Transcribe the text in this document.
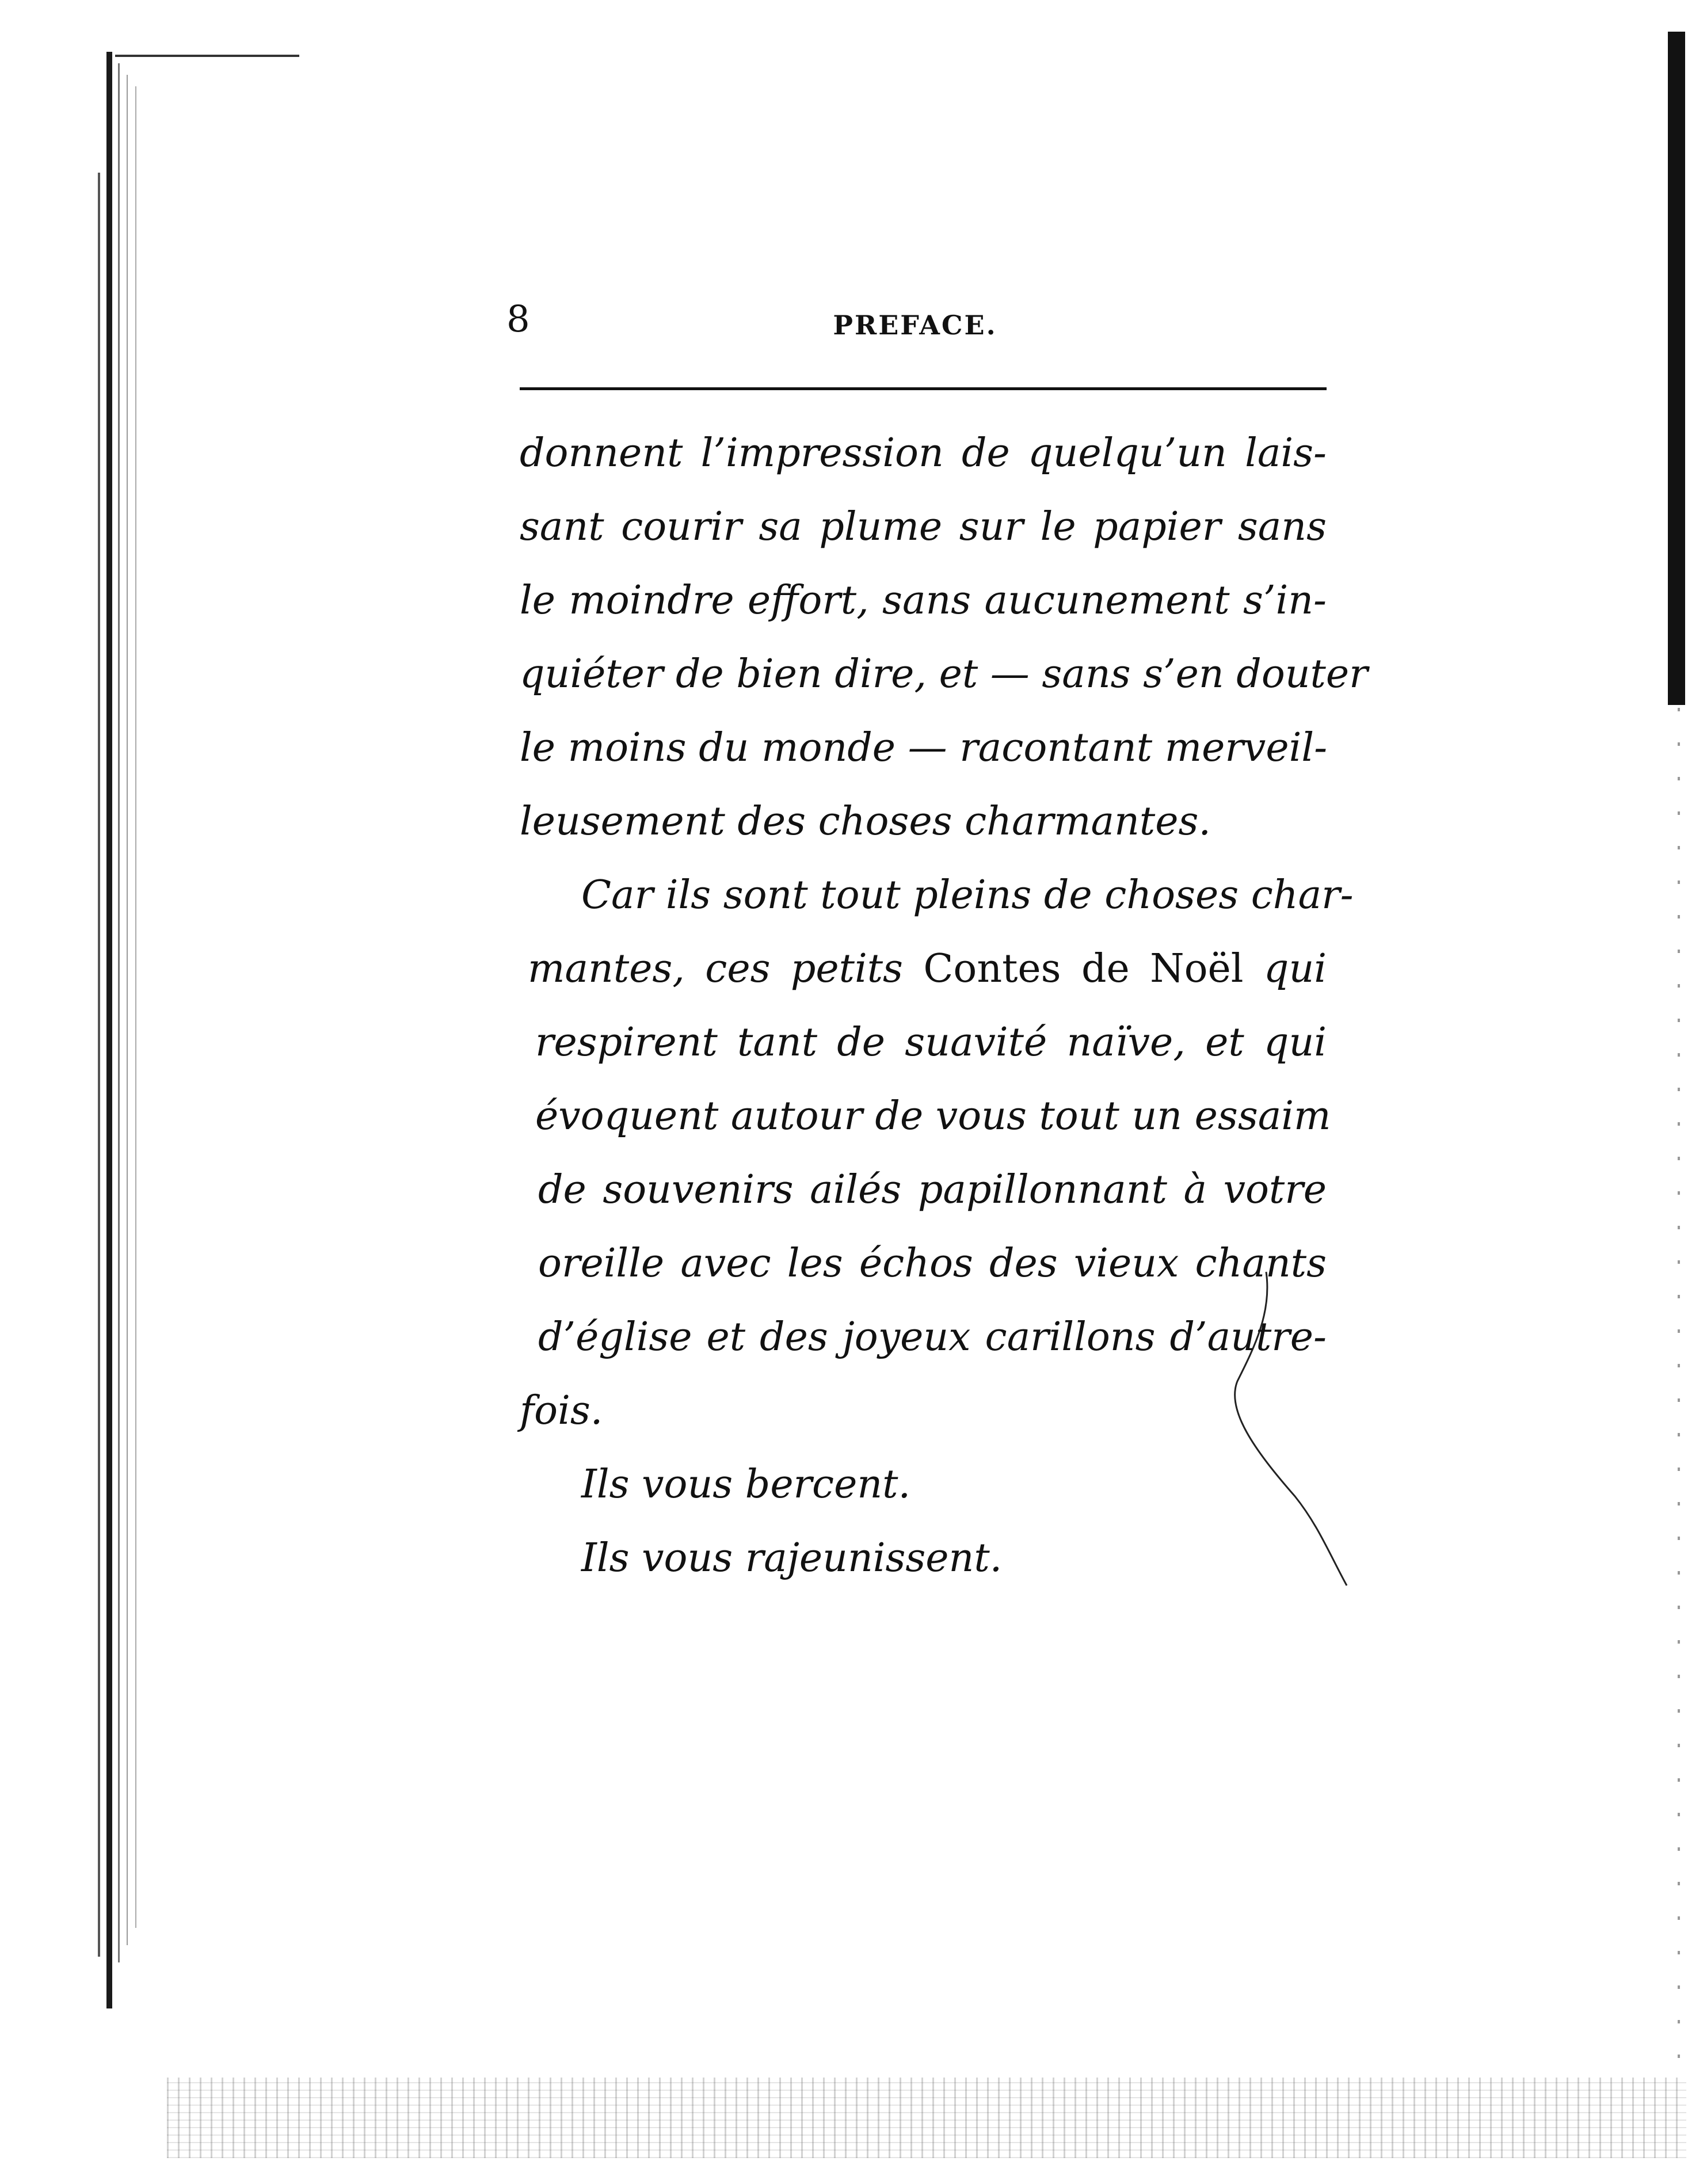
8	PREFACE.
donnent l’impression de quelqu’un lais-
sant courir sa plume sur le papier sans
le moindre effort, sans aucunement s’in-
quiéter de bien dire, et — sans s’en douter
le moins du monde — racontant merveil-
leusement des choses charmantes.
Car ils sont tout pleins de choses char-
mantes, ces petits Contes de Noël qui
respirent tant de suavité naïve, et qui
évoquent autour de vous tout un essaim
de souvenirs ailés papillonnant à votre
oreille avec les échos des vieux chants
d’église et des joyeux carillons d’autre-
fois.
Ils vous bercent.
Ils vous rajeunissent.
